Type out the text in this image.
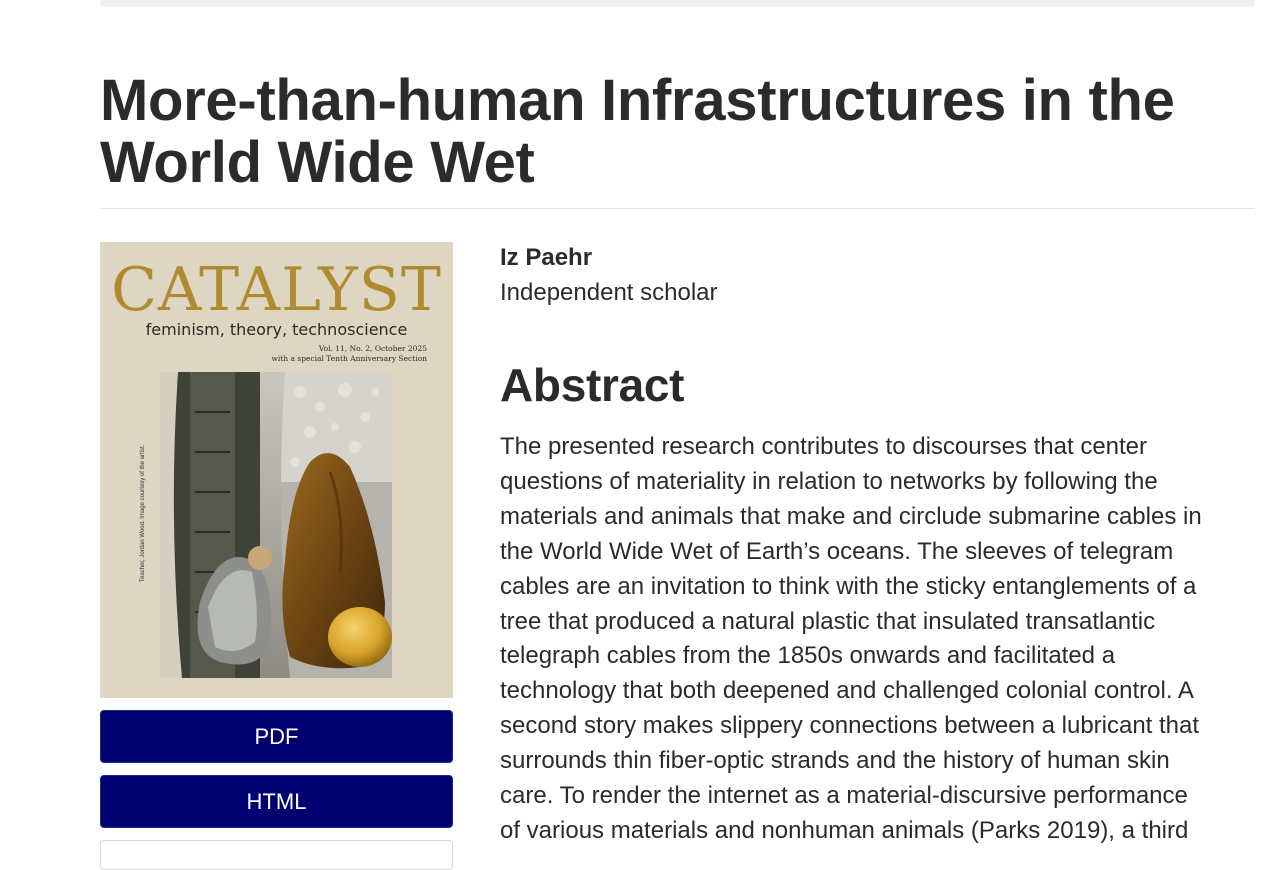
More-than-human Infrastructures in the World Wide Wet
CATALYST
feminism, theory, technoscience
Vol. 11, No. 2, October 2025
with a special Tenth Anniversary Section
Teacher, Jordan Wood. Image courtesy of the artist.
PDF
HTML
Iz Paehr
Independent scholar
Abstract
The presented research contributes to discourses that center
questions of materiality in relation to networks by following the
materials and animals that make and circlude submarine cables in
the World Wide Wet of Earth’s oceans. The sleeves of telegram
cables are an invitation to think with the sticky entanglements of a
tree that produced a natural plastic that insulated transatlantic
telegraph cables from the 1850s onwards and facilitated a
technology that both deepened and challenged colonial control. A
second story makes slippery connections between a lubricant that
surrounds thin fiber-optic strands and the history of human skin
care. To render the internet as a material-discursive performance
of various materials and nonhuman animals (Parks 2019), a third
